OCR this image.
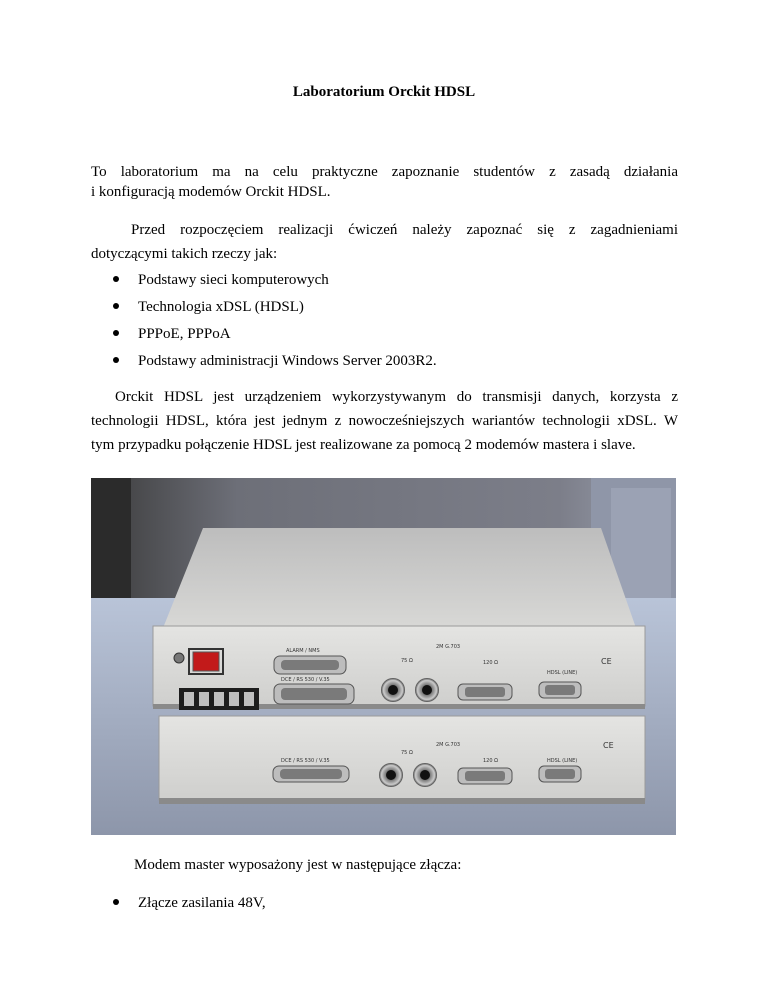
Laboratorium Orckit HDSL
To laboratorium ma na celu praktyczne zapoznanie studentów z zasadą działania
i konfiguracją modemów Orckit HDSL.
Przed rozpoczęciem realizacji ćwiczeń należy zapoznać się z zagadnieniami
dotyczącymi takich rzeczy jak:
Podstawy sieci komputerowych
Technologia xDSL (HDSL)
PPPoE, PPPoA
Podstawy administracji Windows Server 2003R2.
Orckit HDSL jest urządzeniem wykorzystywanym do transmisji danych, korzysta z
technologii HDSL, która jest jednym z nowocześniejszych wariantów technologii xDSL. W
tym przypadku połączenie HDSL jest realizowane za pomocą 2 modemów mastera i slave.
ALARM / NMS
DCE / RS 530 / V.35
2M G.703
75 Ω	120 Ω
HDSL (LINE)
CE
DCE / RS 530 / V.35
2M G.703
75 Ω
120 Ω	HDSL (LINE)
CE
Modem master wyposażony jest w następujące złącza:
Złącze zasilania 48V,
